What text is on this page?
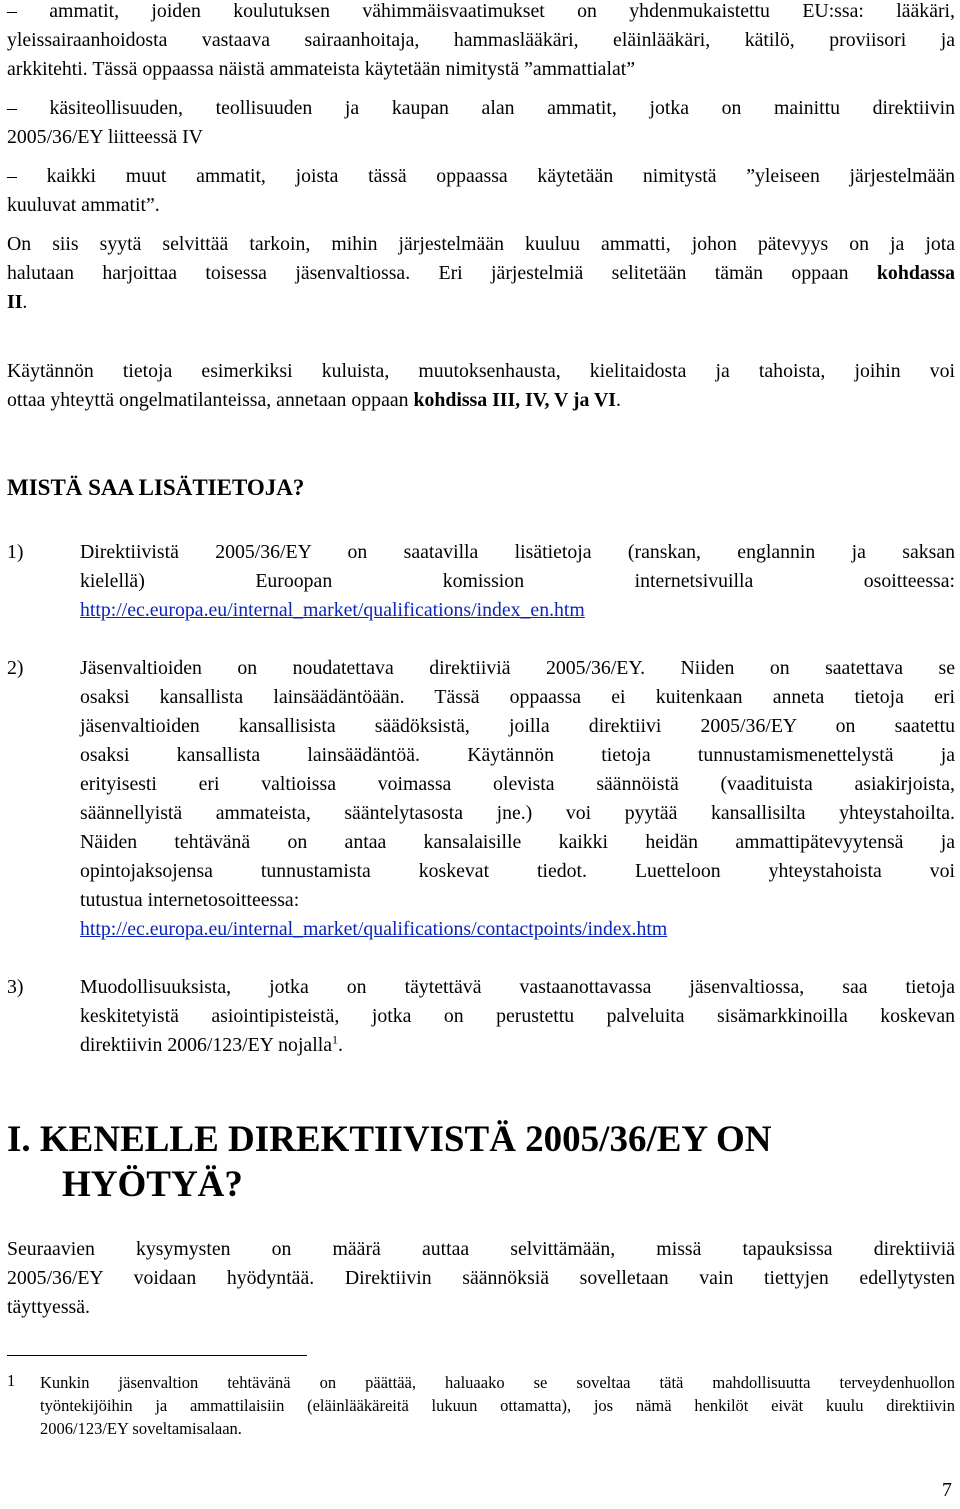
– ammatit, joiden koulutuksen vähimmäisvaatimukset on yhdenmukaistettu EU:ssa: lääkäri,
yleissairaanhoidosta vastaava sairaanhoitaja, hammaslääkäri, eläinlääkäri, kätilö, proviisori ja
arkkitehti. Tässä oppaassa näistä ammateista käytetään nimitystä ”ammattialat”
– käsiteollisuuden, teollisuuden ja kaupan alan ammatit, jotka on mainittu direktiivin
2005/36/EY liitteessä IV
– kaikki muut ammatit, joista tässä oppaassa käytetään nimitystä ”yleiseen järjestelmään
kuuluvat ammatit”.
On siis syytä selvittää tarkoin, mihin järjestelmään kuuluu ammatti, johon pätevyys on ja jota
halutaan harjoittaa toisessa jäsenvaltiossa. Eri järjestelmiä selitetään tämän oppaan kohdassa
II.
Käytännön tietoja esimerkiksi kuluista, muutoksenhausta, kielitaidosta ja tahoista, joihin voi
ottaa yhteyttä ongelmatilanteissa, annetaan oppaan kohdissa III, IV, V ja VI.
MISTÄ SAA LISÄTIETOJA?
1)	Direktiivistä 2005/36/EY on saatavilla lisätietoja (ranskan, englannin ja saksan
kielellä) Euroopan komission internetsivuilla osoitteessa:
http://ec.europa.eu/internal_market/qualifications/index_en.htm
2)	Jäsenvaltioiden on noudatettava direktiiviä 2005/36/EY. Niiden on saatettava se
osaksi kansallista lainsäädäntöään. Tässä oppaassa ei kuitenkaan anneta tietoja eri
jäsenvaltioiden kansallisista säädöksistä, joilla direktiivi 2005/36/EY on saatettu
osaksi kansallista lainsäädäntöä. Käytännön tietoja tunnustamismenettelystä ja
erityisesti eri valtioissa voimassa olevista säännöistä (vaadituista asiakirjoista,
säännellyistä ammateista, sääntelytasosta jne.) voi pyytää kansallisilta yhteystahoilta.
Näiden tehtävänä on antaa kansalaisille kaikki heidän ammattipätevyytensä ja
opintojaksojensa tunnustamista koskevat tiedot. Luetteloon yhteystahoista voi
tutustua internetosoitteessa:
http://ec.europa.eu/internal_market/qualifications/contactpoints/index.htm
3)	Muodollisuuksista, jotka on täytettävä vastaanottavassa jäsenvaltiossa, saa tietoja
keskitetyistä asiointipisteistä, jotka on perustettu palveluita sisämarkkinoilla koskevan
direktiivin 2006/123/EY nojalla$^1$.
I. KENELLE DIREKTIIVISTÄ 2005/36/EY ON
HYÖTYÄ?
Seuraavien kysymysten on määrä auttaa selvittämään, missä tapauksissa direktiiviä
2005/36/EY voidaan hyödyntää. Direktiivin säännöksiä sovelletaan vain tiettyjen edellytysten
täyttyessä.
1 Kunkin jäsenvaltion tehtävänä on päättää, haluaako se soveltaa tätä mahdollisuutta terveydenhuollon
työntekijöihin ja ammattilaisiin (eläinlääkäreitä lukuun ottamatta), jos nämä henkilöt eivät kuulu direktiivin
2006/123/EY soveltamisalaan.
7
